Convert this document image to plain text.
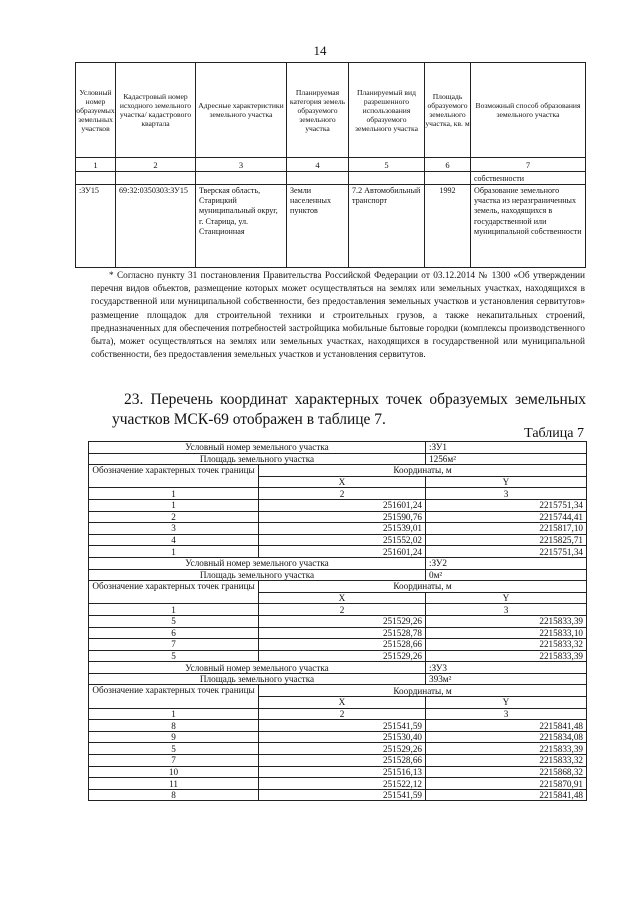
14
Условный номер образуемых земельных участков	Кадастровый номер исходного земельного участка/ кадастрового квартала	Адресные характеристики земельного участка	Планируемая категория земель образуемого земельного участка	Планируемый вид разрешенного использования образуемого земельного участка	Площадь образуемого земельного участка, кв. м	Возможный способ образования земельного участка
1	2	3	4	5	6	7
						собственности
:ЗУ15	69:32:0350303:ЗУ15	Тверская область, Старицкий муниципальный округ, г. Старица, ул. Станционная	Земли населенных пунктов	7.2 Автомобильный транспорт	1992	Образование земельного участка из неразграниченных земель, находящихся в государственной или муниципальной собственности

* Согласно пункту 31 постановления Правительства Российской Федерации от 03.12.2014 № 1300 «Об утверждении перечня видов объектов, размещение которых может осуществляться на землях или земельных участках, находящихся в государственной или муниципальной собственности, без предоставления земельных участков и установления сервитутов» размещение площадок для строительной техники и строительных грузов, а также некапитальных строений, предназначенных для обеспечения потребностей застройщика мобильные бытовые городки (комплексы производственного быта), может осуществляться на землях или земельных участках, находящихся в государственной или муниципальной собственности, без предоставления земельных участков и установления сервитутов.

23. Перечень координат характерных точек образуемых земельных участков МСК-69 отображен в таблице 7.

Таблица 7
Условный номер земельного участка		:ЗУ1
Площадь земельного участка		1256м²
Обозначение характерных точек границы	Координаты, м	
	X	Y
1	2	3
1	251601,24	2215751,34
2	251590,76	2215744,41
3	251539,01	2215817,10
4	251552,02	2215825,71
1	251601,24	2215751,34
Условный номер земельного участка		:ЗУ2
Площадь земельного участка		0м²
Обозначение характерных точек границы	Координаты, м	
	X	Y
1	2	3
5	251529,26	2215833,39
6	251528,78	2215833,10
7	251528,66	2215833,32
5	251529,26	2215833,39
Условный номер земельного участка		:ЗУ3
Площадь земельного участка		393м²
Обозначение характерных точек границы	Координаты, м	
	X	Y
1	2	3
8	251541,59	2215841,48
9	251530,40	2215834,08
5	251529,26	2215833,39
7	251528,66	2215833,32
10	251516,13	2215868,32
11	251522,12	2215870,91
8	251541,59	2215841,48
